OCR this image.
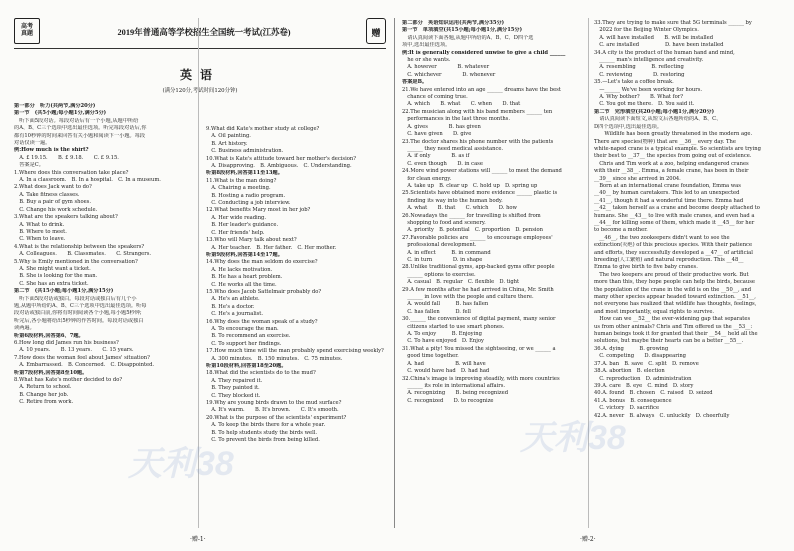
高考
真题	2019年普通高等学校招生全国统一考试(江苏卷)	赠
英语
(满分120分,考试时间120分钟)
第一部分　听力(共两节,满分20分)
第一节　(共5小题;每小题1分,满分5分)
　听下面5段对话。每段对话后有一个小题,从题中所给
的A、B、C三个选项中选出最佳选项。听完每段对话后,你
都有10秒钟的时间来回答有关小题和阅读下一小题。每段
对话仅读一遍。
例:How much is the shirt?
　A. £ 19.15.　　B. £ 9.18.　　C. £ 9.15.
　答案是C。
1.Where does this conversation take place?
　A. In a classroom.　B. In a hospital.　C. In a museum.
2.What does Jack want to do?
　A. Take fitness classes.
　B. Buy a pair of gym shoes.
　C. Change his work schedule.
3.What are the speakers talking about?
　A. What to drink.
　B. Where to meet.
　C. When to leave.
4.What is the relationship between the speakers?
　A. Colleagues.　　B. Classmates.　　C. Strangers.
5.Why is Emily mentioned in the conversation?
　A. She might want a ticket.
　B. She is looking for the man.
　C. She has an extra ticket.
第二节　(共15小题;每小题1分,满分15分)
　听下面5段对话或独白。每段对话或独白后有几个小
题,从题中所给的A、B、C三个选项中选出最佳选项。听每
段对话或独白前,你将有时间阅读各个小题,每小题5秒钟;
听完后,各小题将给出5秒钟的作答时间。每段对话或独白
读两遍。
听第6段材料,回答第6、7题。
6.How long did James run his business?
　A. 10 years.　　B. 13 years.　　C. 15 years.
7.How does the woman feel about James' situation?
　A. Embarrassed.　B. Concerned.　C. Disappointed.
听第7段材料,回答第8至10题。
8.What has Kate's mother decided to do?
　A. Return to school.
　B. Change her job.
　C. Retire from work.
9.What did Kate's mother study at college?
　A. Oil painting.
　B. Art history.
　C. Business administration.
10.What is Kate's attitude toward her mother's decision?
　A. Disapproving.　B. Ambiguous.　C. Understanding.
听第8段材料,回答第11至13题。
11.What is the man doing?
　A. Chairing a meeting.
　B. Hosting a radio program.
　C. Conducting a job interview.
12.What benefits Mary most in her job?
　A. Her wide reading.
　B. Her leader's guidance.
　C. Her friends' help.
13.Who will Mary talk about next?
　A. Her teacher.　B. Her father.　C. Her mother.
听第9段材料,回答第14至17题。
14.Why does the man seldom do exercise?
　A. He lacks motivation.
　B. He has a heart problem.
　C. He works all the time.
15.Who does Jacob Sattelmair probably do?
　A. He's an athlete.
　B. He's a doctor.
　C. He's a journalist.
16.Why does the woman speak of a study?
　A. To encourage the man.
　B. To recommend an exercise.
　C. To support her findings.
17.How much time will the man probably spend exercising weekly?
　A. 300 minutes.　B. 150 minutes.　C. 75 minutes.
听第10段材料,回答第18至20题。
18.What did the scientists do to the mud?
　A. They repaired it.
　B. They painted it.
　C. They blocked it.
19.Why are young birds drawn to the mud surface?
　A. It's warm.　　B. It's brown.　　C. It's smooth.
20.What is the purpose of the scientists' experiment?
　A. To keep the birds there for a whole year.
　B. To help students study the birds well.
　C. To prevent the birds from being killed.
·赠-1·
第二部分　英语知识运用(共两节,满分35分)
第一节　单项填空(共15小题;每小题1分,满分15分)
　请认真阅读下面各题,从题中所给的A、B、C、D四个选
项中,选出最佳选项。
例:It is generally considered unwise to give a child ______
　he or she wants.
　A. however　　　　B. whatever
　C. whichever　　　　D. whenever
答案是B。
21.We have entered into an age ______ dreams have the best
　chance of coming true.
　A. which　　B. what　　C. when　　D. that
22.The musician along with his band members ______ ten
　performances in the last three months.
　A. gives　　　　B. has given
　C. have given　　D. give
23.The doctor shares his phone number with the patients
　______ they need medical assistance.
　A. if only　　　　B. as if
　C. even though　　D. in case
24.More wind power stations will ______ to meet the demand
　for clean energy.
　A. take up　B. clear up　C. hold up　D. spring up
25.Scientists have obtained more evidence ______ plastic is
　finding its way into the human body.
　A. what　　B. that　　C. which　　D. how
26.Nowadays the ______ for travelling is shifted from
　shopping to food and scenery.
　A. priority　B. potential　C. proportion　D. pension
27.Favorable policies are ______ to encourage employees'
　professional development.
　A. in effect　　　B. in command
　C. in turn　　　　D. in shape
28.Unlike traditional gyms, app-backed gyms offer people
　______ options to exercise.
　A. casual　B. regular　C. flexible　D. tight
29.A few months after he had arrived in China, Mr. Smith
　______ in love with the people and culture there.
　A. would fall　　　B. has fallen
　C. has fallen　　　D. fell
30.______ the convenience of digital payment, many senior
　citizens started to use smart phones.
　A. To enjoy　　　B. Enjoying
　C. To have enjoyed　D. Enjoy
31.What a pity! You missed the sightseeing, or we ______ a
　good time together.
　A. had　　　　　　B. will have
　C. would have had　D. had had
32.China's image is improving steadily, with more countries
　______ its role in international affairs.
　A. recognizing　　B. being recognized
　C. recognized　　D. to recognize
33.They are trying to make sure that 5G terminals ______ by
　2022 for the Beijing Winter Olympics.
　A. will have installed　　B. will be installed
　C. are installed　　　　　D. have been installed
34.A city is the product of the human hand and mind,
　______ man's intelligence and creativity.
　A. resembling　　　B. reflecting
　C. reviewing　　　　D. restoring
35.—Let's take a coffee break.
　—______ We've been working for hours.
　A. Why bother?　　B. What for?
　C. You got me there.　D. You said it.
第二节　完形填空(共20小题;每小题1分,满分20分)
　请认真阅读下面短文,从短文后各题所给的A、B、C、
D四个选项中,选出最佳选项。
　　Wildlife has been greatly threatened in the modern age.
There are species(物种) that are __36__ every day. The
white-naped crane is a typical example. So scientists are trying
their best to __37__ the species from going out of existence.
　Chris and Tim work at a zoo, helping endangered cranes
with their __38__. Emma, a female crane, has been in their
__39__ since she arrived in 2004.
　Born at an international crane foundation, Emma was
__40__ by human caretakers. This led to an unexpected
__41__, though it had a wonderful time there. Emma had
__42__ taken herself as a crane and become deeply attached to
humans. She __43__ to live with male cranes, and even had a
__44__ for killing some of them, which made it __45__ for her
to become a mother.
　__46__, the two zookeepers didn't want to see the
extinction(灭绝) of this precious species. With their patience
and efforts, they successfully developed a __47__ of artificial
breeding(人工繁殖) and natural reproduction. This __48__
Emma to give birth to five baby cranes.
　The two keepers are proud of their productive work. But
more than this, they hope people can help the birds, because
the population of the crane in the wild is on the __50__, and
many other species appear headed toward extinction. __51__,
not everyone has realized that wildlife has thoughts, feelings,
and most importantly, equal rights to survive.
　How can we __52__ the ever-widening gap that separates
us from other animals? Chris and Tim offered us the __53__:
human beings took it for granted that their __54__ held all the
solutions, but maybe their hearts can be a better __55__.
36.A. dying　　　B. growing
　C. competing　　D. disappearing
37.A. ban　B. save　C. split　D. remove
38.A. abortion　B. election
　C. reproduction　D. administration
39.A. care　B. eye　C. mind　D. story
40.A. found　B. chosen　C. raised　D. seized
41.A. bonus　B. consequence
　C. victory　D. sacrifice
42.A. never　B. always　C. unluckily　D. cheerfully
天利38
天利38
·赠-2·
